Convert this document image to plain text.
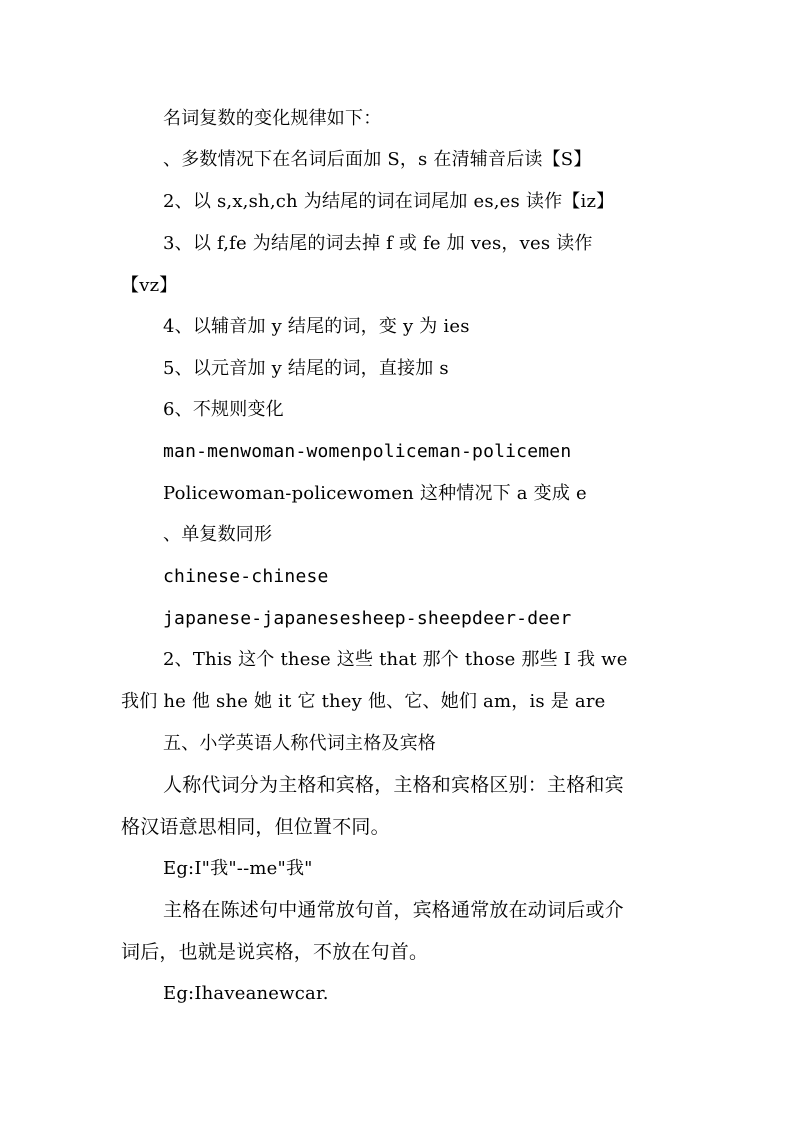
名词复数的变化规律如下：
、多数情况下在名词后面加 S，s 在清辅音后读【S】
2、以 s,x,sh,ch 为结尾的词在词尾加 es,es 读作【iz】
3、以 f,fe 为结尾的词去掉 f 或 fe 加 ves，ves 读作
【vz】
4、以辅音加 y 结尾的词，变 y 为 ies
5、以元音加 y 结尾的词，直接加 s
6、不规则变化
man-menwoman-womenpoliceman-policemen
Policewoman-policewomen 这种情况下 a 变成 e
、单复数同形
chinese-chinese
japanese-japanesesheep-sheepdeer-deer
2、This 这个 these 这些 that 那个 those 那些 I 我 we
我们 he 他 she 她 it 它 they 他、它、她们 am，is 是 are
五、小学英语人称代词主格及宾格
人称代词分为主格和宾格，主格和宾格区别：主格和宾
格汉语意思相同，但位置不同。
Eg:I"我"--me"我"
主格在陈述句中通常放句首，宾格通常放在动词后或介
词后，也就是说宾格，不放在句首。
Eg:Ihaveanewcar.
